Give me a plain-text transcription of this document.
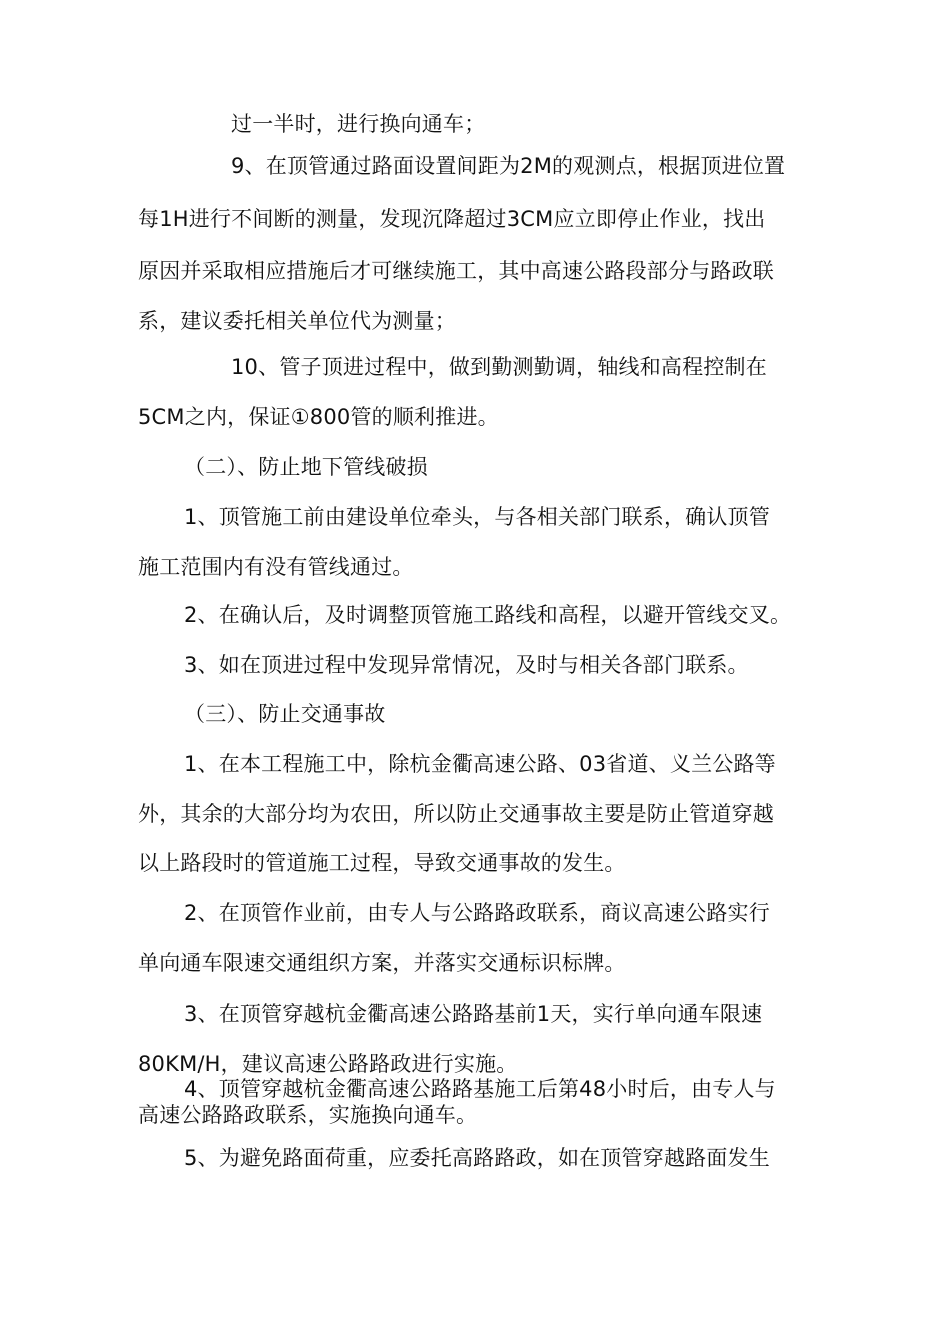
过一半时，进行换向通车；
9、在顶管通过路面设置间距为2M的观测点，根据顶进位置
每1H进行不间断的测量，发现沉降超过3CM应立即停止作业，找出
原因并采取相应措施后才可继续施工，其中高速公路段部分与路政联
系，建议委托相关单位代为测量；
10、管子顶进过程中，做到勤测勤调，轴线和高程控制在
5CM之内，保证①800管的顺利推进。
（二）、防止地下管线破损
1、顶管施工前由建设单位牵头，与各相关部门联系，确认顶管
施工范围内有没有管线通过。
2、在确认后，及时调整顶管施工路线和高程，以避开管线交叉。
3、如在顶进过程中发现异常情况，及时与相关各部门联系。
（三）、防止交通事故
1、在本工程施工中，除杭金衢高速公路、03省道、义兰公路等
外，其余的大部分均为农田，所以防止交通事故主要是防止管道穿越
以上路段时的管道施工过程，导致交通事故的发生。
2、在顶管作业前，由专人与公路路政联系，商议高速公路实行
单向通车限速交通组织方案，并落实交通标识标牌。
3、在顶管穿越杭金衢高速公路路基前1天，实行单向通车限速
80KM/H，建议高速公路路政进行实施。
4、顶管穿越杭金衢高速公路路基施工后第48小时后，由专人与
高速公路路政联系，实施换向通车。
5、为避免路面荷重，应委托高路路政，如在顶管穿越路面发生
